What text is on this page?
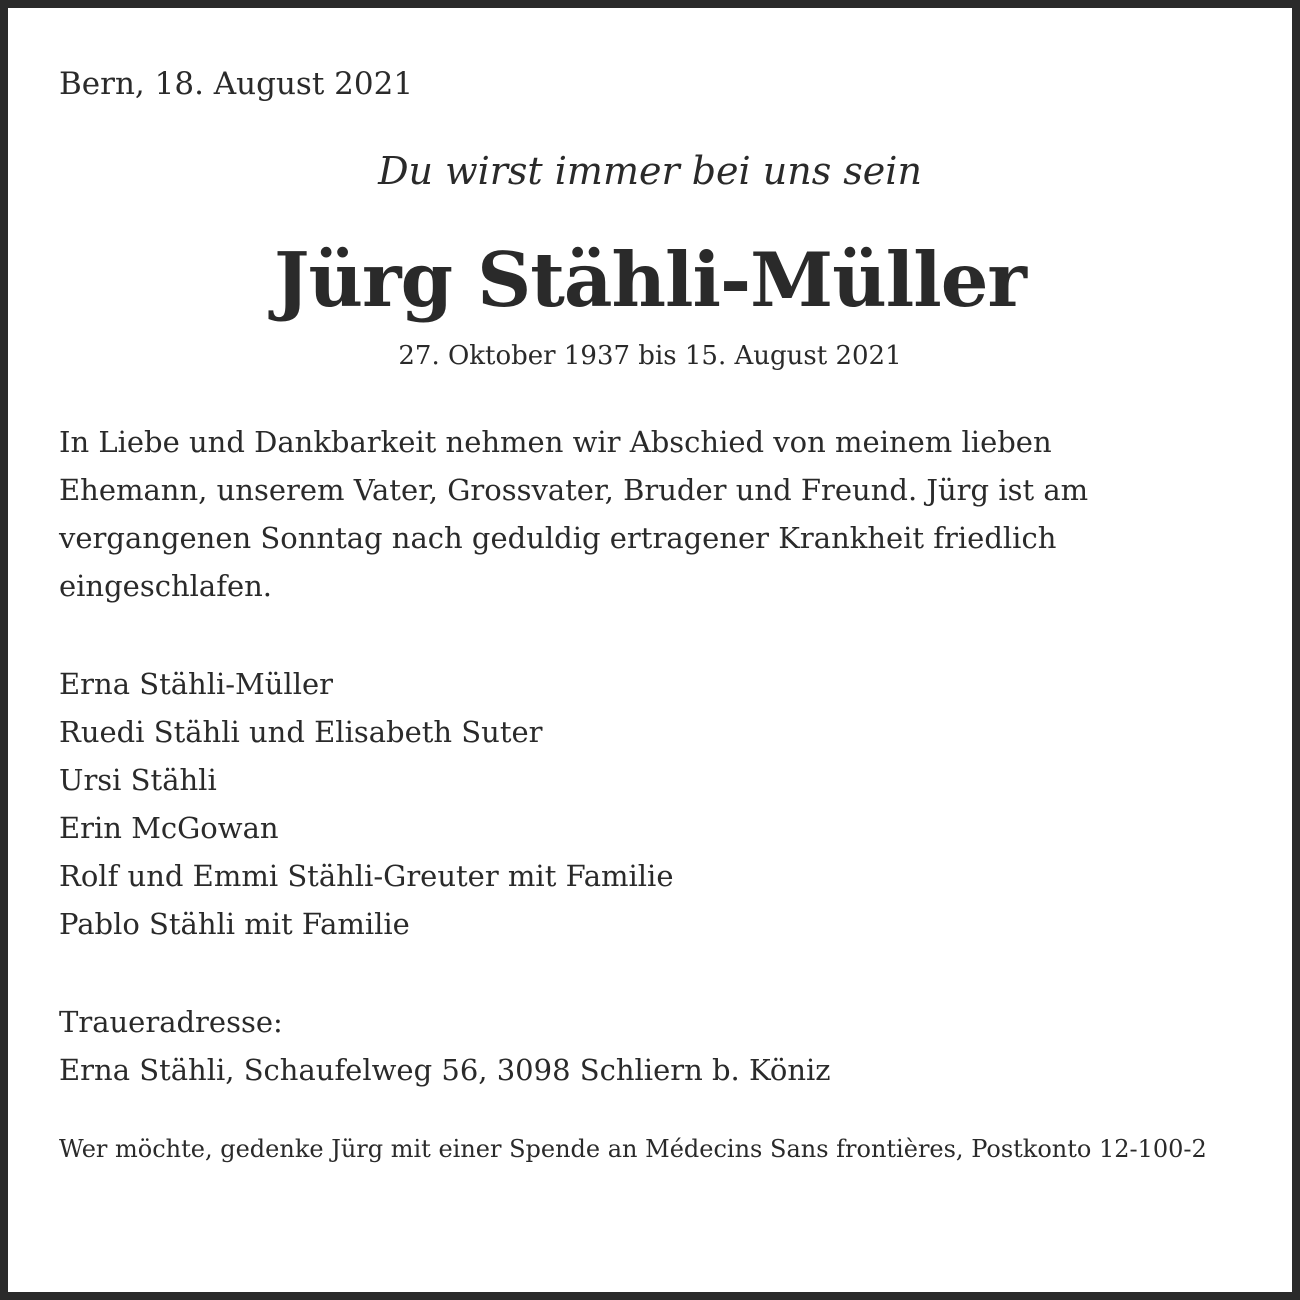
Bern, 18. August 2021

Du wirst immer bei uns sein

Jürg Stähli-Müller

27. Oktober 1937 bis 15. August 2021

In Liebe und Dankbarkeit nehmen wir Abschied von meinem lieben Ehemann, unserem Vater, Grossvater, Bruder und Freund. Jürg ist am vergangenen Sonntag nach geduldig ertragener Krankheit friedlich eingeschlafen.

Erna Stähli-Müller
Ruedi Stähli und Elisabeth Suter
Ursi Stähli
Erin McGowan
Rolf und Emmi Stähli-Greuter mit Familie
Pablo Stähli mit Familie

Traueradresse:

Erna Stähli, Schaufelweg 56, 3098 Schliern b. Köniz

Wer möchte, gedenke Jürg mit einer Spende an Médecins Sans frontières, Postkonto 12-100-2
